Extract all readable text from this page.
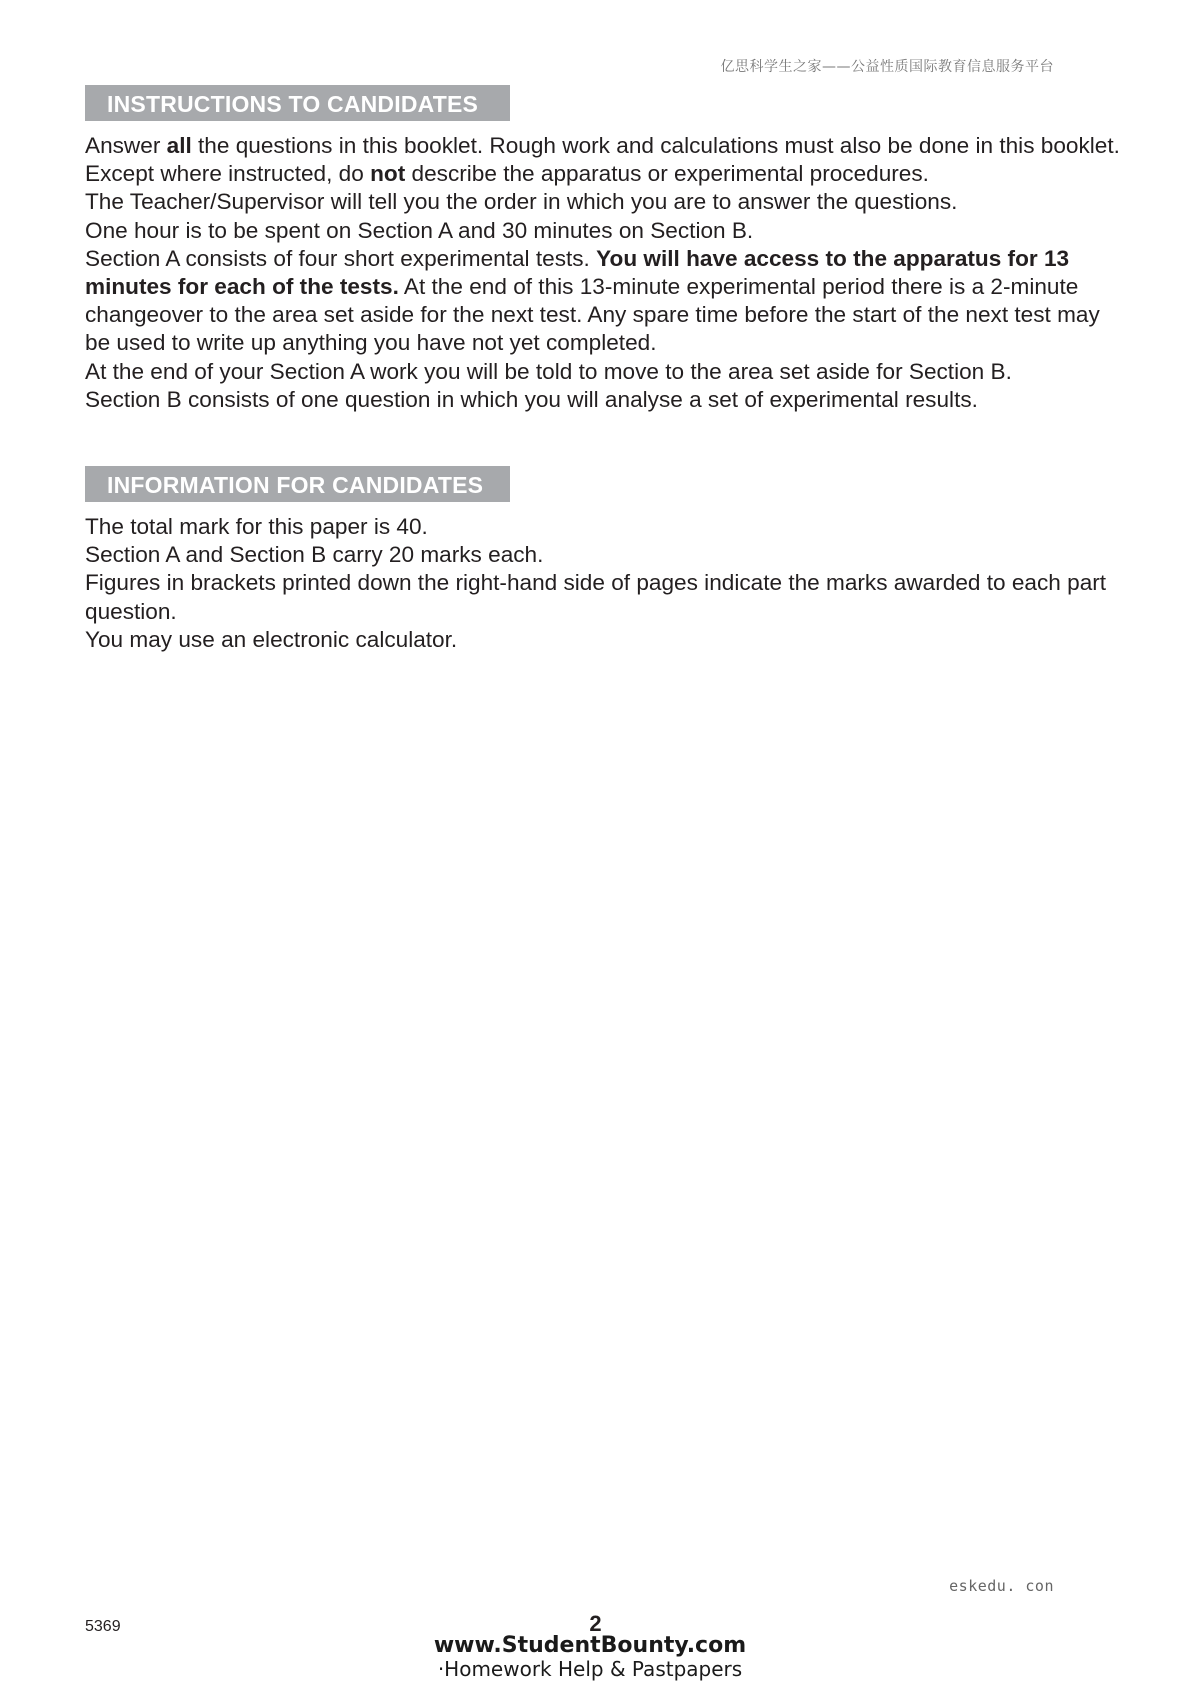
亿思科学生之家——公益性质国际教育信息服务平台
INSTRUCTIONS TO CANDIDATES

Answer all the questions in this booklet. Rough work and calculations must also be done in this booklet. Except where instructed, do not describe the apparatus or experimental procedures.

The Teacher/Supervisor will tell you the order in which you are to answer the questions.

One hour is to be spent on Section A and 30 minutes on Section B.

Section A consists of four short experimental tests. You will have access to the apparatus for 13 minutes for each of the tests. At the end of this 13-minute experimental period there is a 2-minute changeover to the area set aside for the next test. Any spare time before the start of the next test may be used to write up anything you have not yet completed.

At the end of your Section A work you will be told to move to the area set aside for Section B.

Section B consists of one question in which you will analyse a set of experimental results.

INFORMATION FOR CANDIDATES

The total mark for this paper is 40.

Section A and Section B carry 20 marks each.

Figures in brackets printed down the right-hand side of pages indicate the marks awarded to each part question.

You may use an electronic calculator.

eskedu. con
5369	2
www.StudentBounty.com
·Homework Help & Pastpapers
